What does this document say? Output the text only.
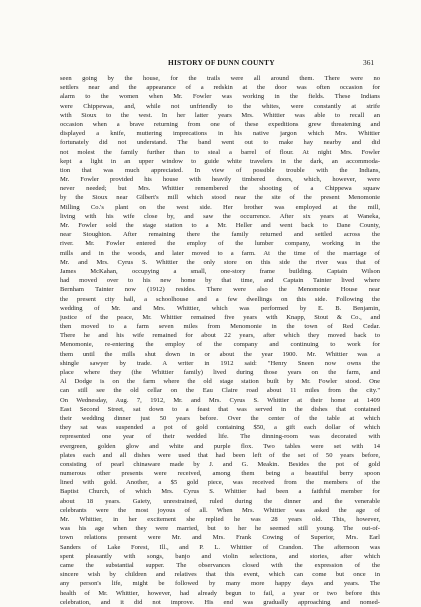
HISTORY OF DUNN COUNTY	361
seen going by the house, for the trails were all around them. There were no
settlers near and the appearance of a redskin at the door was often occasion for
alarm to the women when Mr. Fowler was working in the fields. These Indians
were Chippewas, and, while not unfriendly to the whites, were constantly at strife
with Sioux to the west. In her latter years Mrs. Whittier was able to recall an
occasion when a brave returning from one of these expeditions grew threatening and
displayed a knife, muttering imprecations in his native jargon which Mrs. Whittier
fortunately did not understand. The band went out to make hay nearby and did
not molest the family further than to steal a barrel of flour. At night Mrs. Fowler
kept a light in an upper window to guide white travelers in the dark, an accommoda-
tion that was much appreciated. In view of possible trouble with the Indians,
Mr. Fowler provided his house with heavily timbered doors, which, however, were
never needed; but Mrs. Whittier remembered the shooting of a Chippewa squaw
by the Sioux near Gilbert's mill which stood near the site of the present Menomonie
Milling Co.'s plant on the west side. Her brother was employed at the mill,
living with his wife close by, and saw the occurrence. After six years at Waneka,
Mr. Fowler sold the stage station to a Mr. Heller and went back to Dane County,
near Stoughton. After remaining there the family returned and settled across the
river. Mr. Fowler entered the employ of the lumber company, working in the
mills and in the woods, and later moved to a farm. At the time of the marriage of
Mr. and Mrs. Cyrus S. Whittier the only store on this side the river was that of
James McKahan, occupying a small, one-story frame building. Captain Wilson
had moved over to his new home by that time, and Captain Tainter lived where
Bernham Tainter now (1912) resides. There were also the Menomonie House near
the present city hall, a schoolhouse and a few dwellings on this side. Following the
wedding of Mr. and Mrs. Whittier, which was performed by E. B. Benjamin,
justice of the peace, Mr. Whittier remained five years with Knapp, Stout & Co., and
then moved to a farm seven miles from Menomonie in the town of Red Cedar.
There he and his wife remained for about 22 years, after which they moved back to
Menomonie, re-entering the employ of the company and continuing to work for
them until the mills shut down in or about the year 1900. Mr. Whittier was a
shingle sawyer by trade. A writer in 1912 said: "Henry Sneen now owns the
place where they (the Whittier family) lived during those years on the farm, and
Al Dodge is on the farm where the old stage station built by Mr. Fowler stood. One
can still see the old cellar on the Eau Claire road about 11 miles from the city."
On Wednesday, Aug. 7, 1912, Mr. and Mrs. Cyrus S. Whittier at their home at 1409
East Second Street, sat down to a feast that was served in the dishes that contained
their wedding dinner just 50 years before. Over the center of the table at which
they sat was suspended a pot of gold containing $50, a gift each dollar of which
represented one year of their wedded life. The dinning-room was decorated with
evergreen, golden glow and white and purple flox. Two tables were set with 14
plates each and all dishes were used that had been left of the set of 50 years before,
consisting of pearl chinaware made by J. and G. Meakin. Besides the pot of gold
numerous other presents were received, among them being a beautiful berry spoon
lined with gold. Another, a $5 gold piece, was received from the members of the
Baptist Church, of which Mrs. Cyrus S. Whittier had been a faithful member for
about 18 years. Gaiety, unrestrained, ruled during the dinner and the venerable
celebrants were the most joyous of all. When Mrs. Whittier was asked the age of
Mr. Whittier, in her excitement she replied he was 28 years old. This, however,
was his age when they were married, but to her he seemed still young. The out-of-
town relations present were Mr. and Mrs. Frank Cowing of Superior, Mrs. Earl
Sanders of Lake Forest, Ill., and P. L. Whittier of Crandon. The afternoon was
spent pleasantly with songs, banjo and violin selections, and stories, after which
came the substantial supper. The observances closed with the expression of the
sincere wish by children and relatives that this event, which can come but once in
any person's life, might be followed by many more happy days and years. The
health of Mr. Whittier, however, had already begun to fail, a year or two before this
celebration, and it did not improve. His end was gradually approaching and nomed-
